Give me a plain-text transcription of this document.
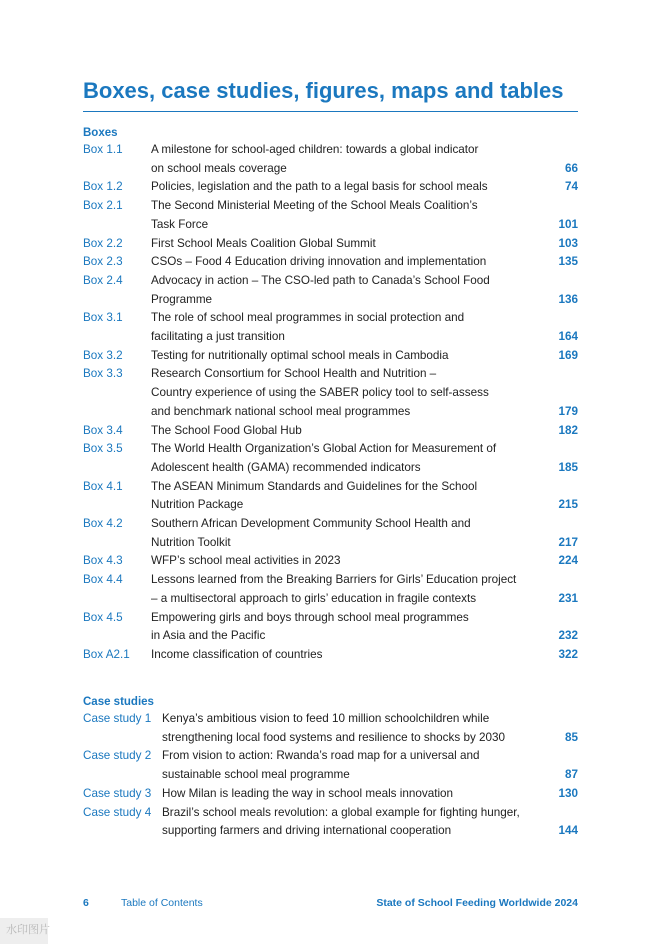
Boxes, case studies, figures, maps and tables
Boxes
Box 1.1 A milestone for school-aged children: towards a global indicator
on school meals coverage	66
Box 1.2 Policies, legislation and the path to a legal basis for school meals	74
Box 2.1 The Second Ministerial Meeting of the School Meals Coalition’s
Task Force	101
Box 2.2 First School Meals Coalition Global Summit	103
Box 2.3 CSOs – Food 4 Education driving innovation and implementation	135
Box 2.4 Advocacy in action – The CSO-led path to Canada’s School Food
Programme	136
Box 3.1 The role of school meal programmes in social protection and
facilitating a just transition	164
Box 3.2 Testing for nutritionally optimal school meals in Cambodia	169
Box 3.3 Research Consortium for School Health and Nutrition –
Country experience of using the SABER policy tool to self-assess
and benchmark national school meal programmes	179
Box 3.4 The School Food Global Hub	182
Box 3.5 The World Health Organization’s Global Action for Measurement of
Adolescent health (GAMA) recommended indicators	185
Box 4.1 The ASEAN Minimum Standards and Guidelines for the School
Nutrition Package	215
Box 4.2 Southern African Development Community School Health and
Nutrition Toolkit	217
Box 4.3 WFP’s school meal activities in 2023	224
Box 4.4 Lessons learned from the Breaking Barriers for Girls’ Education project
– a multisectoral approach to girls’ education in fragile contexts	231
Box 4.5 Empowering girls and boys through school meal programmes
in Asia and the Pacific	232
Box A2.1 Income classification of countries	322
Case studies
Case study 1 Kenya’s ambitious vision to feed 10 million schoolchildren while
strengthening local food systems and resilience to shocks by 2030	85
Case study 2 From vision to action: Rwanda’s road map for a universal and
sustainable school meal programme	87
Case study 3 How Milan is leading the way in school meals innovation	130
Case study 4 Brazil’s school meals revolution: a global example for fighting hunger,
supporting farmers and driving international cooperation	144
6	Table of Contents	State of School Feeding Worldwide 2024
水印图片
